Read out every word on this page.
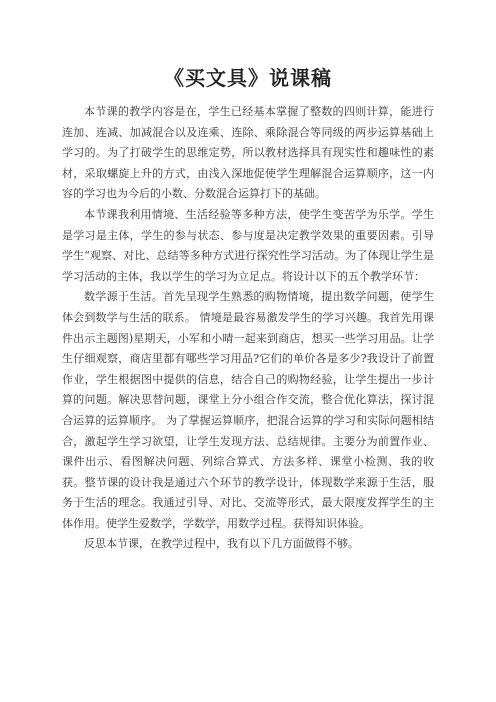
《买文具》说课稿

本节课的教学内容是在，学生已经基本掌握了整数的四则计算，能进行连加、连减、加减混合以及连乘、连除、乘除混合等同级的两步运算基础上学习的。为了打破学生的思维定势，所以教材选择具有现实性和趣味性的素材，采取螺旋上升的方式，由浅入深地促使学生理解混合运算顺序，这一内容的学习也为今后的小数、分数混合运算打下的基础。

本节课我利用情境、生活经验等多种方法，使学生变苦学为乐学。学生是学习是主体，学生的参与状态、参与度是决定教学效果的重要因素。引导学生“观察、对比、总结等多种方式进行探究性学习活动。为了体现让学生是学习活动的主体，我以学生的学习为立足点。将设计以下的五个教学环节：

数学源于生活。首先呈现学生熟悉的购物情境，提出数学问题，使学生体会到数学与生活的联系。 情境是最容易激发学生的学习兴趣。我首先用课件出示主题图)星期天，小军和小晴一起来到商店，想买一些学习用品。让学生仔细观察，商店里都有哪些学习用品?它们的单价各是多少?我设计了前置作业，学生根据图中提供的信息，结合自己的购物经验，让学生提出一步计算的问题。解决思替问题，课堂上分小组合作交流，整合优化算法，探讨混合运算的运算顺序。 为了掌握运算顺序，把混合运算的学习和实际问题相结合，激起学生学习欲望，让学生发现方法、总结规律。主要分为前置作业、课件出示、看图解决问题、列综合算式、方法多样、课堂小检测、我的收获。整节课的设计我是通过六个环节的教学设计，体现数学来源于生活，服务于生活的理念。我通过引导、对比、交流等形式，最大限度发挥学生的主体作用。使学生爱数学，学数学，用数学过程。获得知识体验。

反思本节课，在教学过程中，我有以下几方面做得不够。
